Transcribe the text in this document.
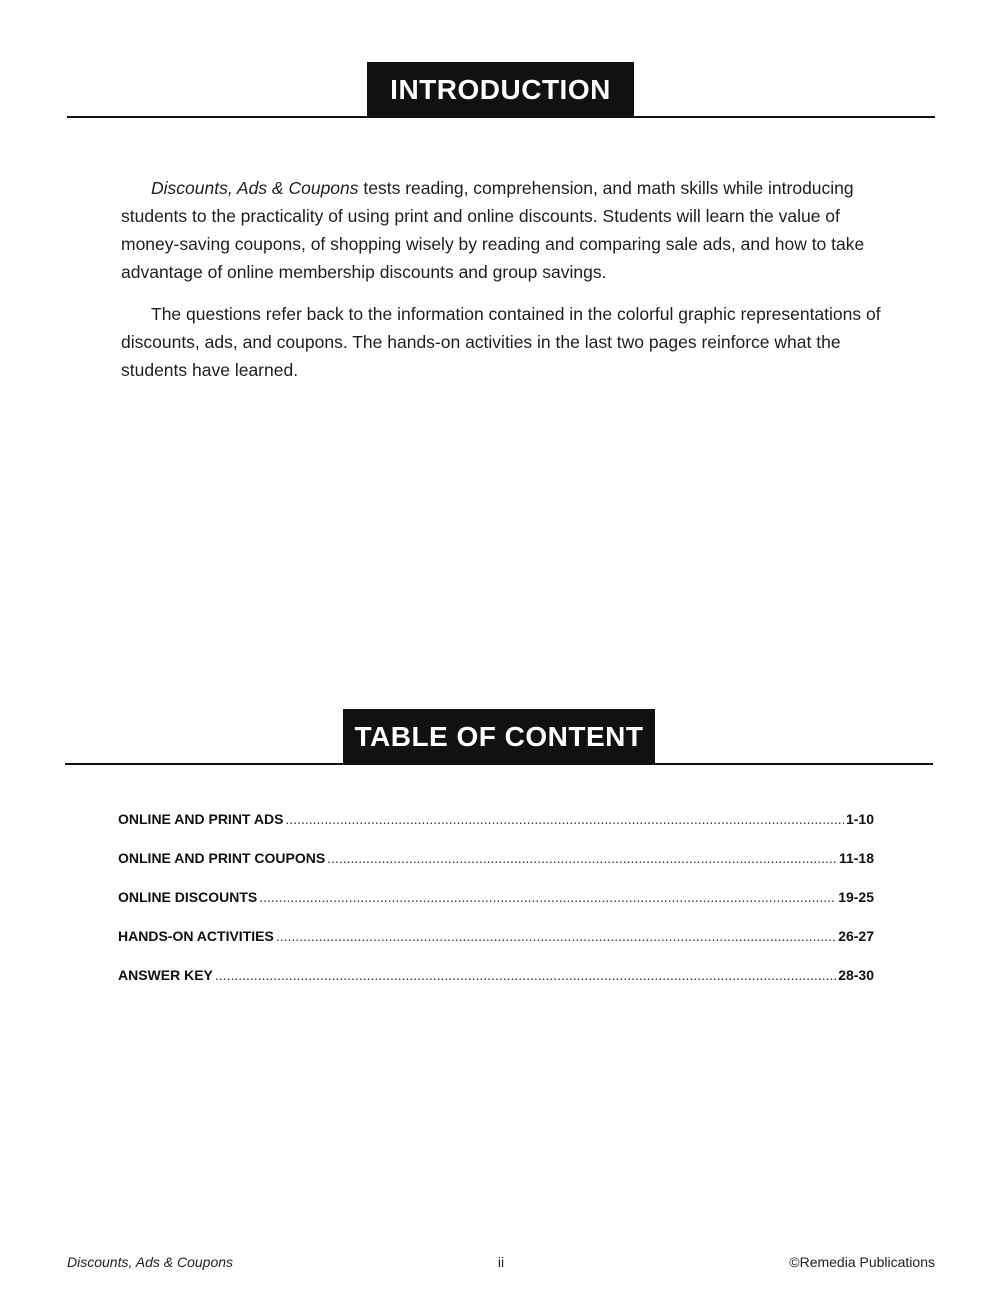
INTRODUCTION

Discounts, Ads & Coupons tests reading, comprehension, and math skills while introducing students to the practicality of using print and online discounts. Students will learn the value of money-saving coupons, of shopping wisely by reading and comparing sale ads, and how to take advantage of online membership discounts and group savings.

The questions refer back to the information contained in the colorful graphic representations of discounts, ads, and coupons. The hands-on activities in the last two pages reinforce what the students have learned.

TABLE OF CONTENT
ONLINE AND PRINT ADS .....	1-10
ONLINE AND PRINT COUPONS .....	11-18
ONLINE DISCOUNTS .....	19-25
HANDS-ON ACTIVITIES .....	26-27
ANSWER KEY .....	28-30
Discounts, Ads & Coupons	ii	©Remedia Publications
